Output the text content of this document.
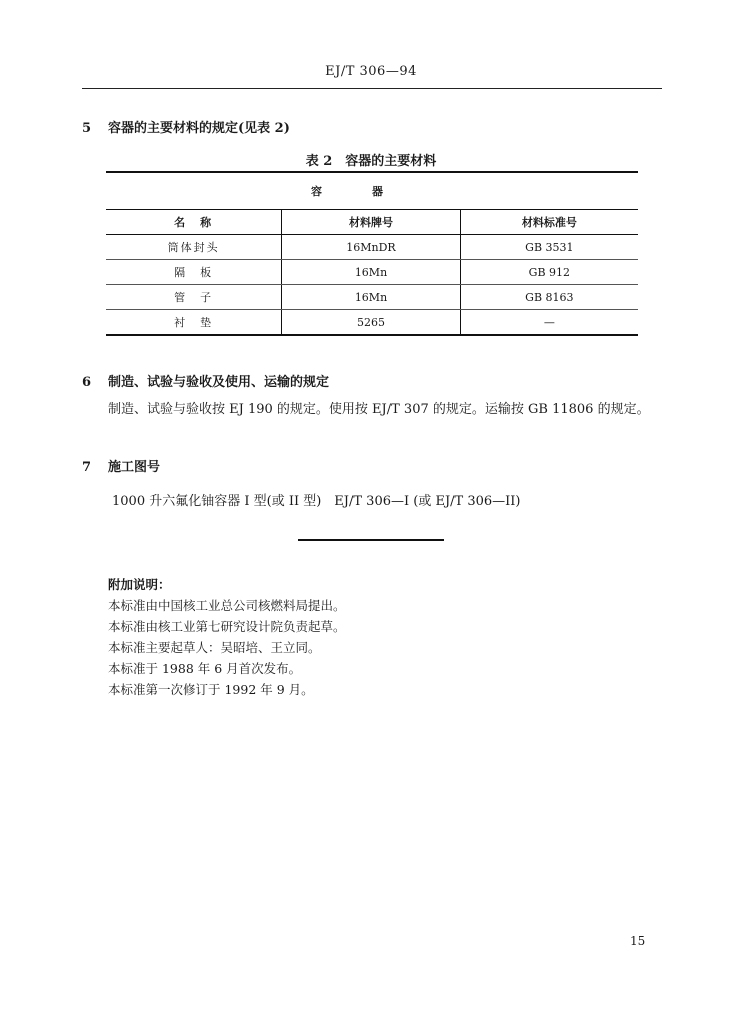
EJ/T 306—94
5 容器的主要材料的规定(见表 2)
表 2　容器的主要材料
容器		
名　称	材料牌号	材料标准号
筒体封头	16MnDR	GB 3531
隔　板	16Mn	GB 912
管　子	16Mn	GB 8163
衬　垫	5265	—
6 制造、试验与验收及使用、运输的规定
制造、试验与验收按 EJ 190 的规定。使用按 EJ/T 307 的规定。运输按 GB 11806 的规定。
7 施工图号
1000 升六氟化铀容器 I 型(或 II 型)　EJ/T 306—I (或 EJ/T 306—II)
附加说明：
本标准由中国核工业总公司核燃料局提出。
本标准由核工业第七研究设计院负责起草。
本标准主要起草人：吴昭培、王立同。
本标准于 1988 年 6 月首次发布。
本标准第一次修订于 1992 年 9 月。
15
